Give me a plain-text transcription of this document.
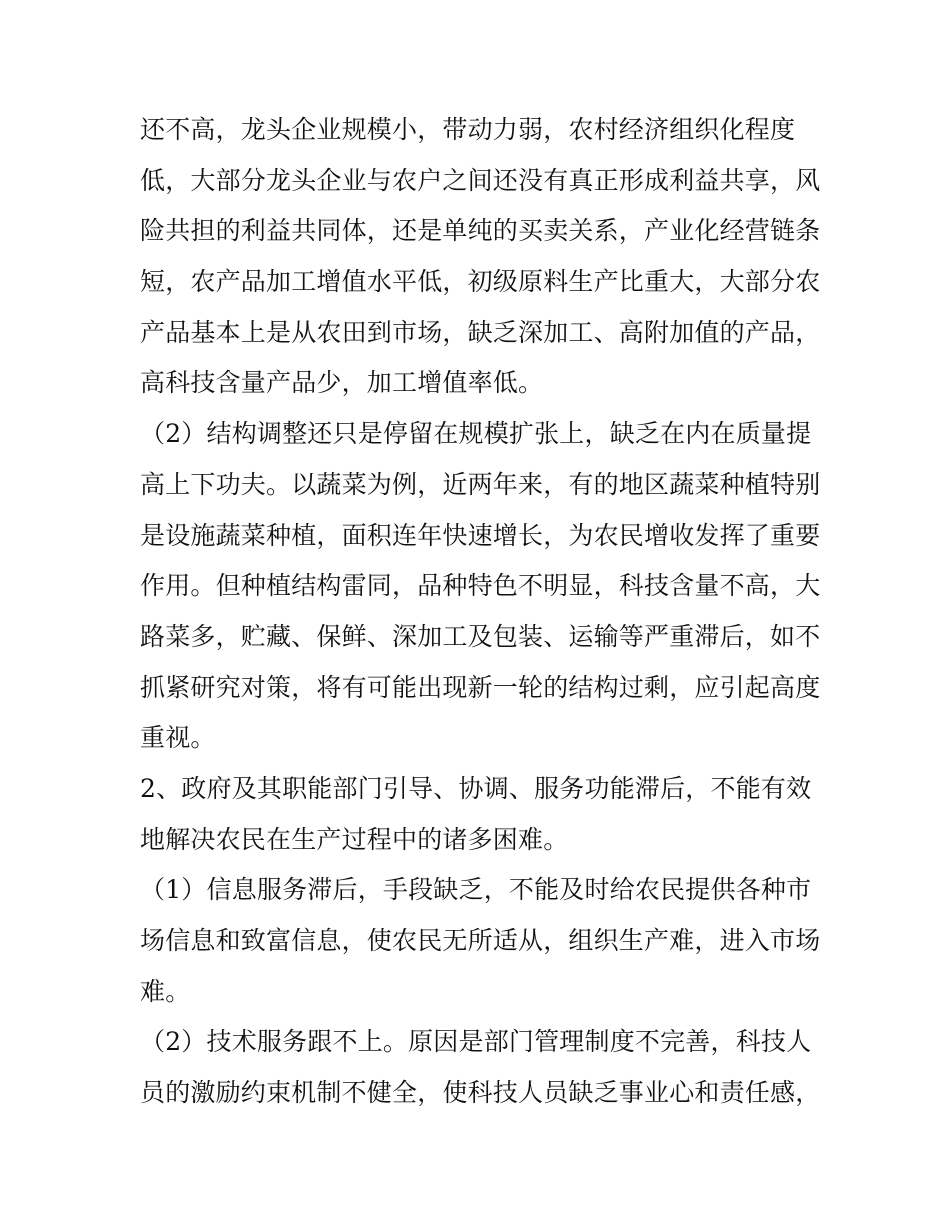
还不高，龙头企业规模小，带动力弱，农村经济组织化程度
低，大部分龙头企业与农户之间还没有真正形成利益共享，风
险共担的利益共同体，还是单纯的买卖关系，产业化经营链条
短，农产品加工增值水平低，初级原料生产比重大，大部分农
产品基本上是从农田到市场，缺乏深加工、高附加值的产品，
高科技含量产品少，加工增值率低。
（2）结构调整还只是停留在规模扩张上，缺乏在内在质量提
高上下功夫。以蔬菜为例，近两年来，有的地区蔬菜种植特别
是设施蔬菜种植，面积连年快速增长，为农民增收发挥了重要
作用。但种植结构雷同，品种特色不明显，科技含量不高，大
路菜多，贮藏、保鲜、深加工及包装、运输等严重滞后，如不
抓紧研究对策，将有可能出现新一轮的结构过剩，应引起高度
重视。
2、政府及其职能部门引导、协调、服务功能滞后，不能有效
地解决农民在生产过程中的诸多困难。
（1）信息服务滞后，手段缺乏，不能及时给农民提供各种市
场信息和致富信息，使农民无所适从，组织生产难，进入市场
难。
（2）技术服务跟不上。原因是部门管理制度不完善，科技人
员的激励约束机制不健全，使科技人员缺乏事业心和责任感，
